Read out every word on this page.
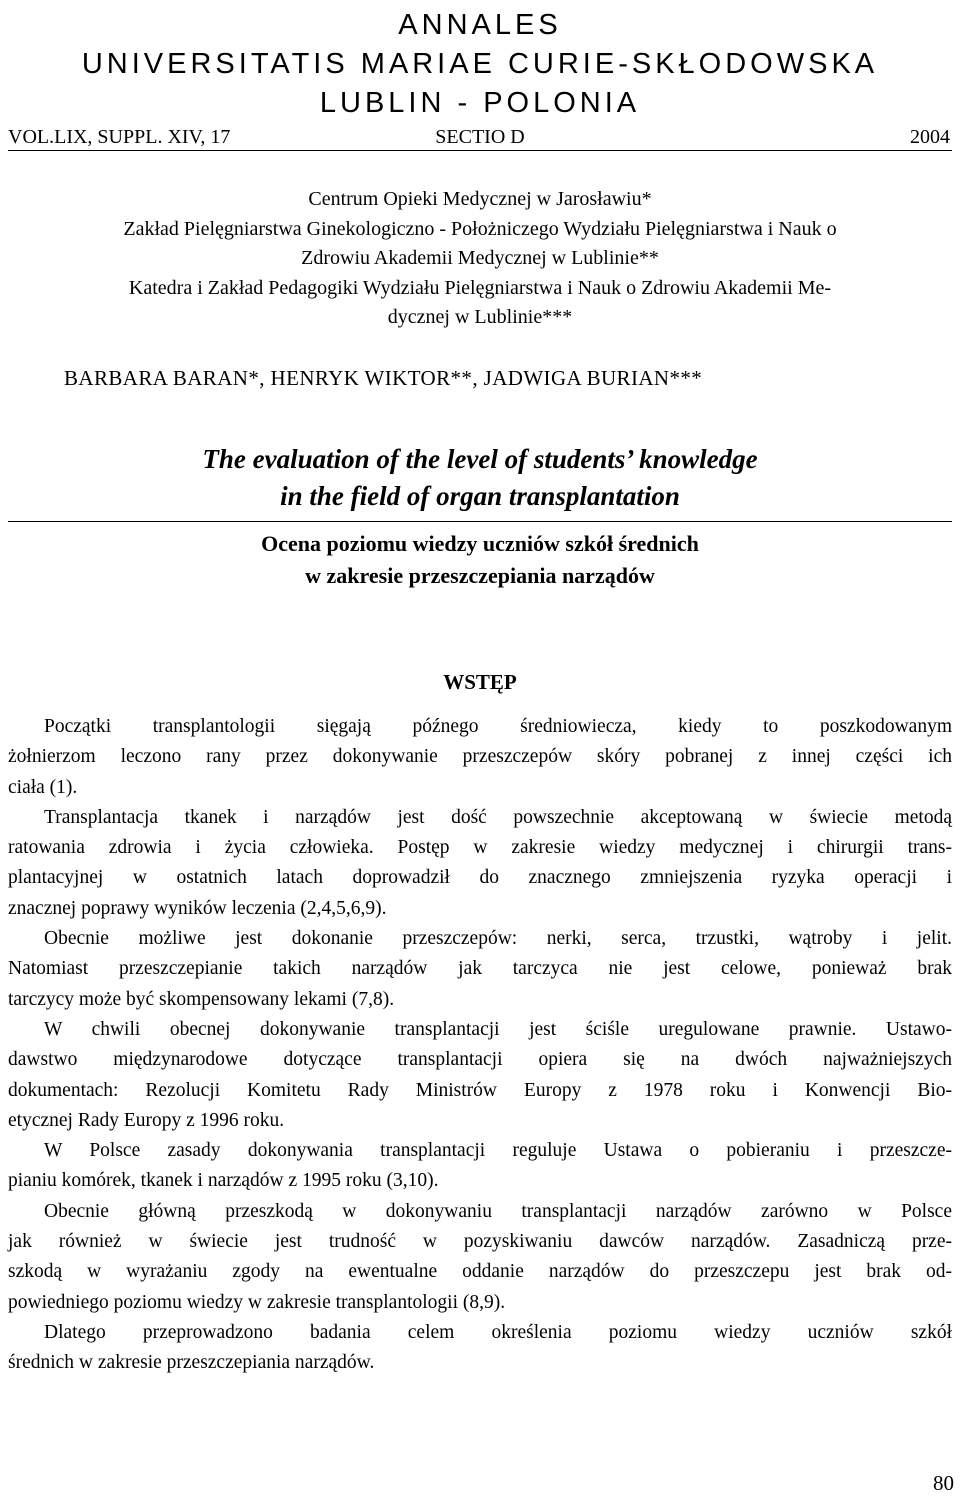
ANNALES
UNIVERSITATIS MARIAE CURIE-SKŁODOWSKA
LUBLIN - POLONIA
VOL.LIX, SUPPL. XIV, 17	SECTIO D	2004
Centrum Opieki Medycznej w Jarosławiu*
Zakład Pielęgniarstwa Ginekologiczno - Położniczego Wydziału Pielęgniarstwa i Nauk o
Zdrowiu Akademii Medycznej w Lublinie**
Katedra i Zakład Pedagogiki Wydziału Pielęgniarstwa i Nauk o Zdrowiu Akademii Me-
dycznej w Lublinie***
BARBARA BARAN*, HENRYK WIKTOR**, JADWIGA BURIAN***
The evaluation of the level of students’ knowledge
in the field of organ transplantation
Ocena poziomu wiedzy uczniów szkół średnich
w zakresie przeszczepiania narządów
WSTĘP
Początki transplantologii sięgają późnego średniowiecza, kiedy to poszkodowanym
żołnierzom leczono rany przez dokonywanie przeszczepów skóry pobranej z innej części ich
ciała (1).
Transplantacja tkanek i narządów jest dość powszechnie akceptowaną w świecie metodą
ratowania zdrowia i życia człowieka. Postęp w zakresie wiedzy medycznej i chirurgii trans-
plantacyjnej w ostatnich latach doprowadził do znacznego zmniejszenia ryzyka operacji i
znacznej poprawy wyników leczenia (2,4,5,6,9).
Obecnie możliwe jest dokonanie przeszczepów: nerki, serca, trzustki, wątroby i jelit.
Natomiast przeszczepianie takich narządów jak tarczyca nie jest celowe, ponieważ brak
tarczycy może być skompensowany lekami (7,8).
W chwili obecnej dokonywanie transplantacji jest ściśle uregulowane prawnie. Ustawo-
dawstwo międzynarodowe dotyczące transplantacji opiera się na dwóch najważniejszych
dokumentach: Rezolucji Komitetu Rady Ministrów Europy z 1978 roku i Konwencji Bio-
etycznej Rady Europy z 1996 roku.
W Polsce zasady dokonywania transplantacji reguluje Ustawa o pobieraniu i przeszcze-
pianiu komórek, tkanek i narządów z 1995 roku (3,10).
Obecnie główną przeszkodą w dokonywaniu transplantacji narządów zarówno w Polsce
jak również w świecie jest trudność w pozyskiwaniu dawców narządów. Zasadniczą prze-
szkodą w wyrażaniu zgody na ewentualne oddanie narządów do przeszczepu jest brak od-
powiedniego poziomu wiedzy w zakresie transplantologii (8,9).
Dlatego przeprowadzono badania celem określenia poziomu wiedzy uczniów szkół
średnich w zakresie przeszczepiania narządów.
80
